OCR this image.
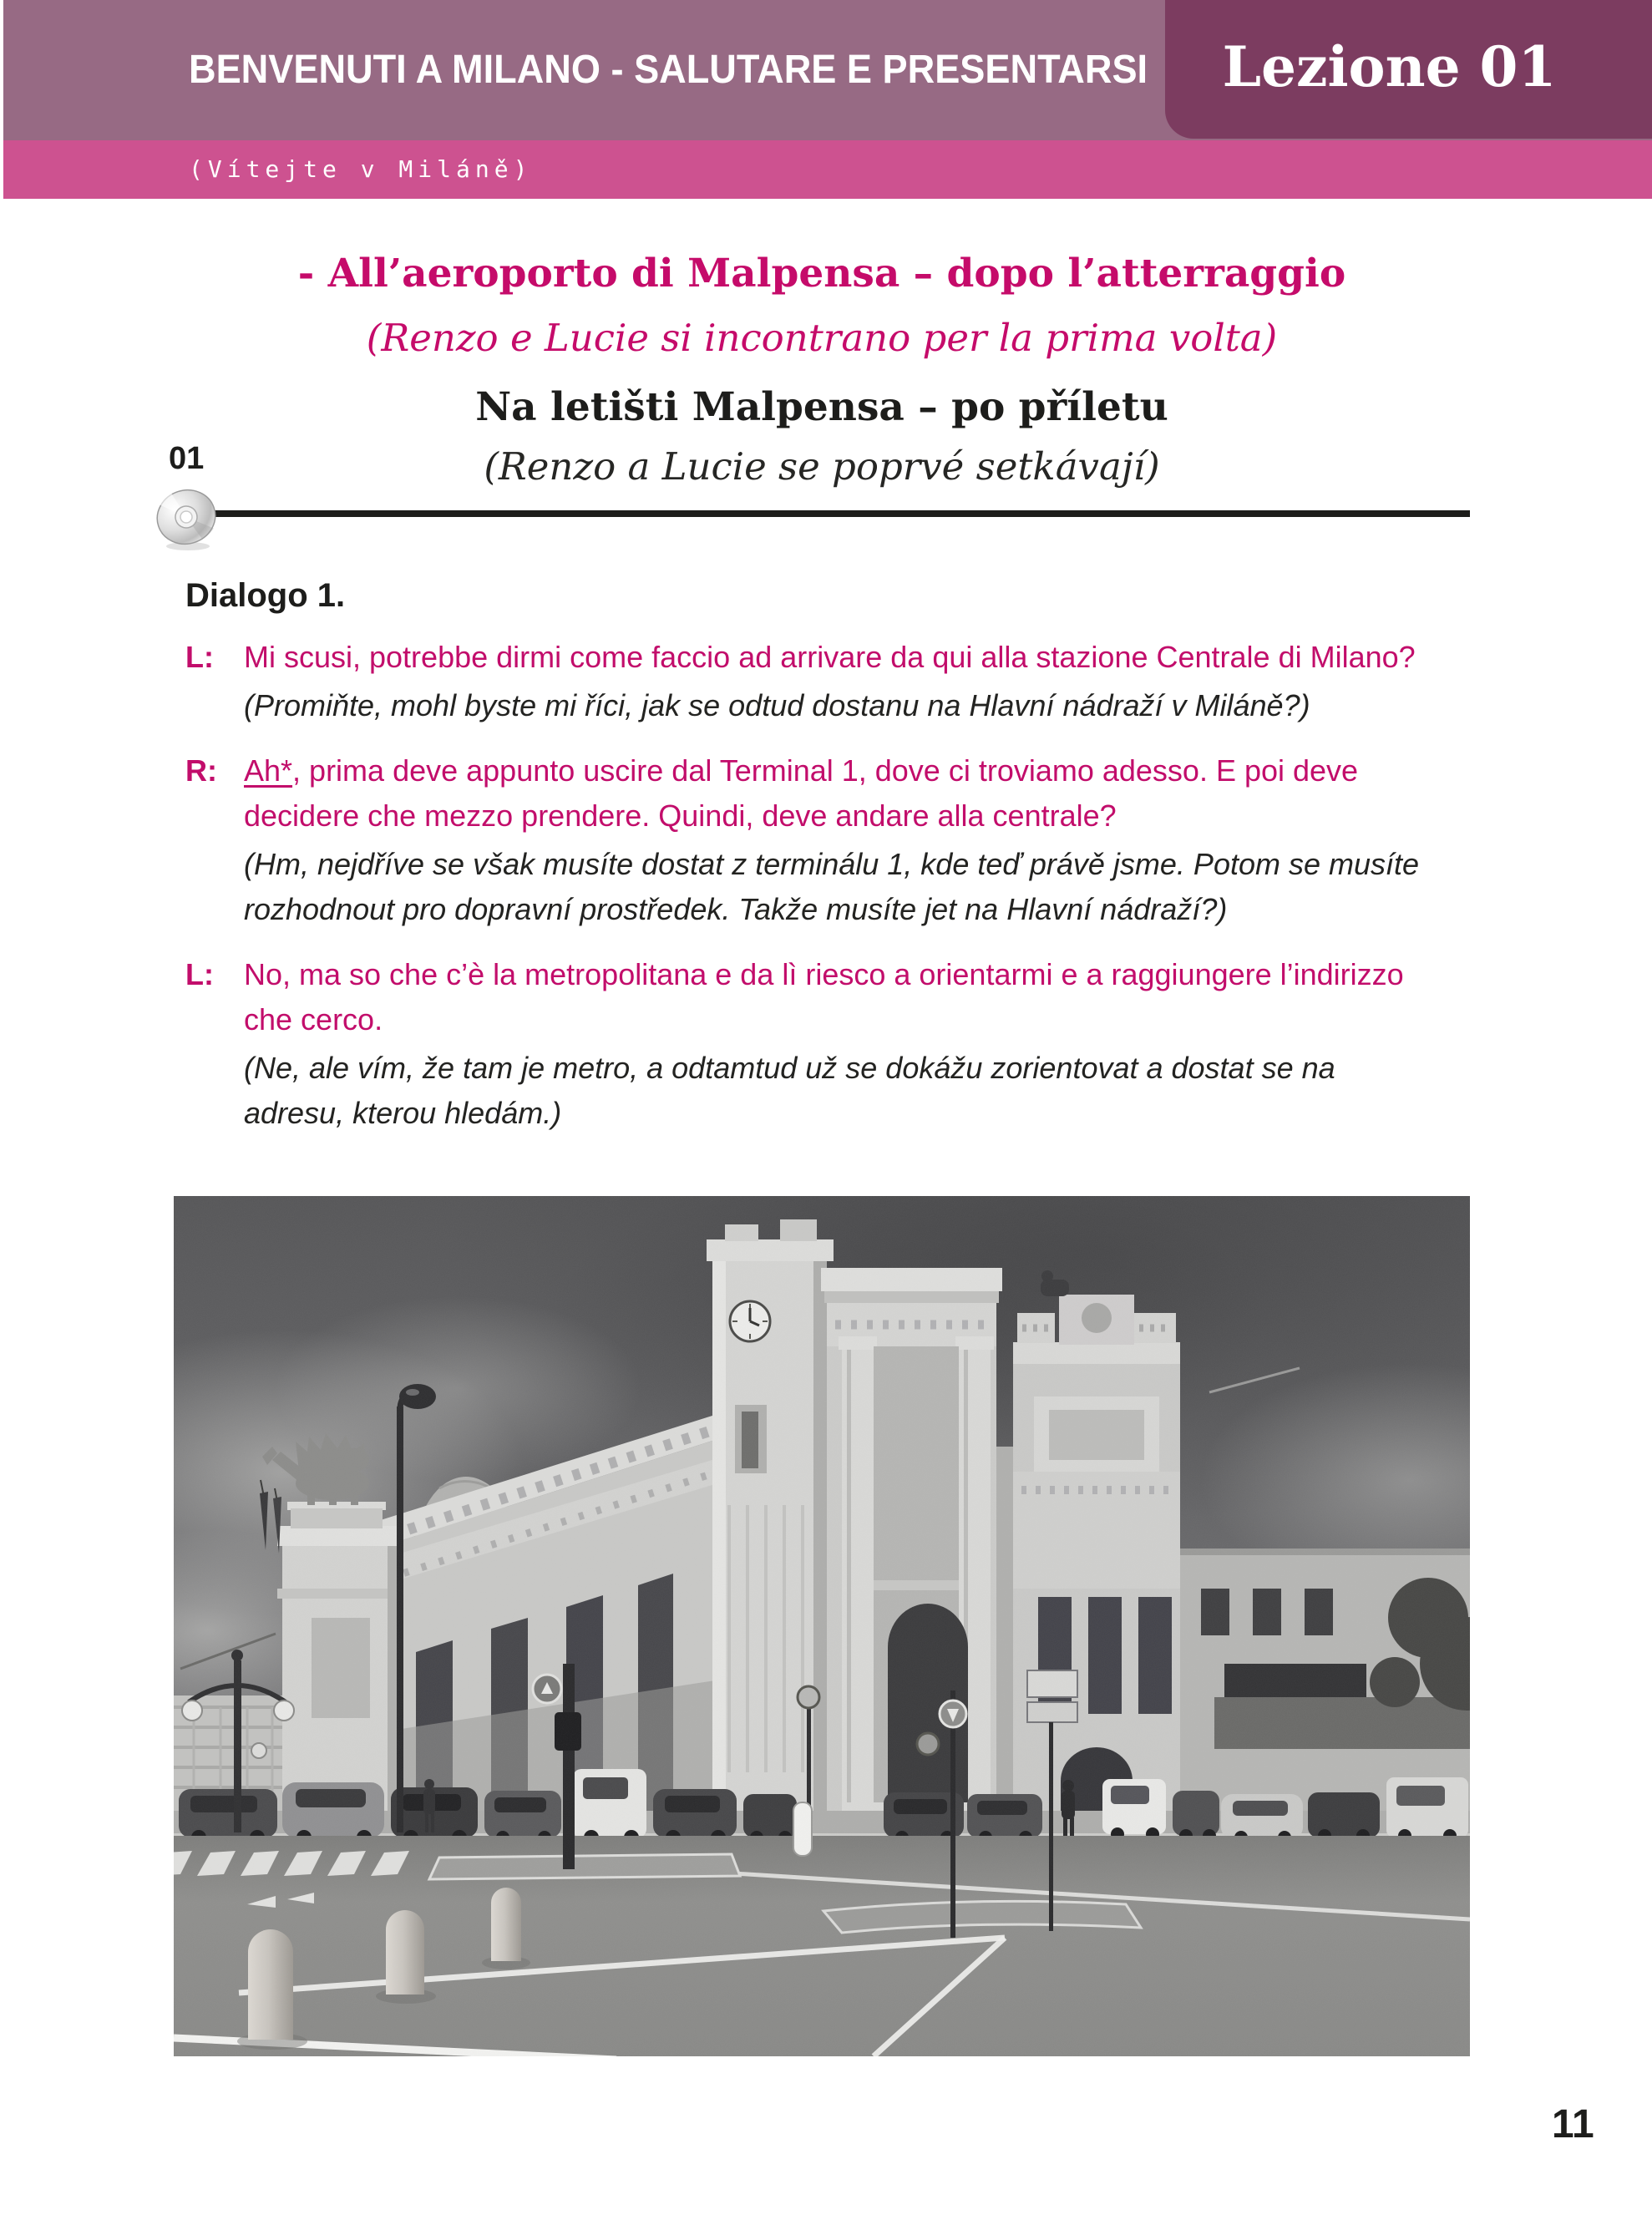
BENVENUTI A MILANO - SALUTARE E PRESENTARSI	Lezione 01
(Vítejte v Miláně)
- All’aeroporto di Malpensa – dopo l’atterraggio
(Renzo e Lucie si incontrano per la prima volta)
Na letišti Malpensa – po příletu
(Renzo a Lucie se poprvé setkávají)
01
Dialogo 1.
L: Mi scusi, potrebbe dirmi come faccio ad arrivare da qui alla stazione Centrale di Milano?

(Promiňte, mohl byste mi říci, jak se odtud dostanu na Hlavní nádraží v Miláně?)

R: Ah*, prima deve appunto uscire dal Terminal 1, dove ci troviamo adesso. E poi deve decidere che mezzo prendere. Quindi, deve andare alla centrale?

(Hm, nejdříve se však musíte dostat z terminálu 1, kde teď právě jsme. Potom se musíte rozhodnout pro dopravní prostředek. Takže musíte jet na Hlavní nádraží?)

L: No, ma so che c’è la metropolitana e da lì riesco a orientarmi e a raggiungere l’indirizzo che cerco.

(Ne, ale vím, že tam je metro, a odtamtud už se dokážu zorientovat a dostat se na adresu, kterou hledám.)

11
